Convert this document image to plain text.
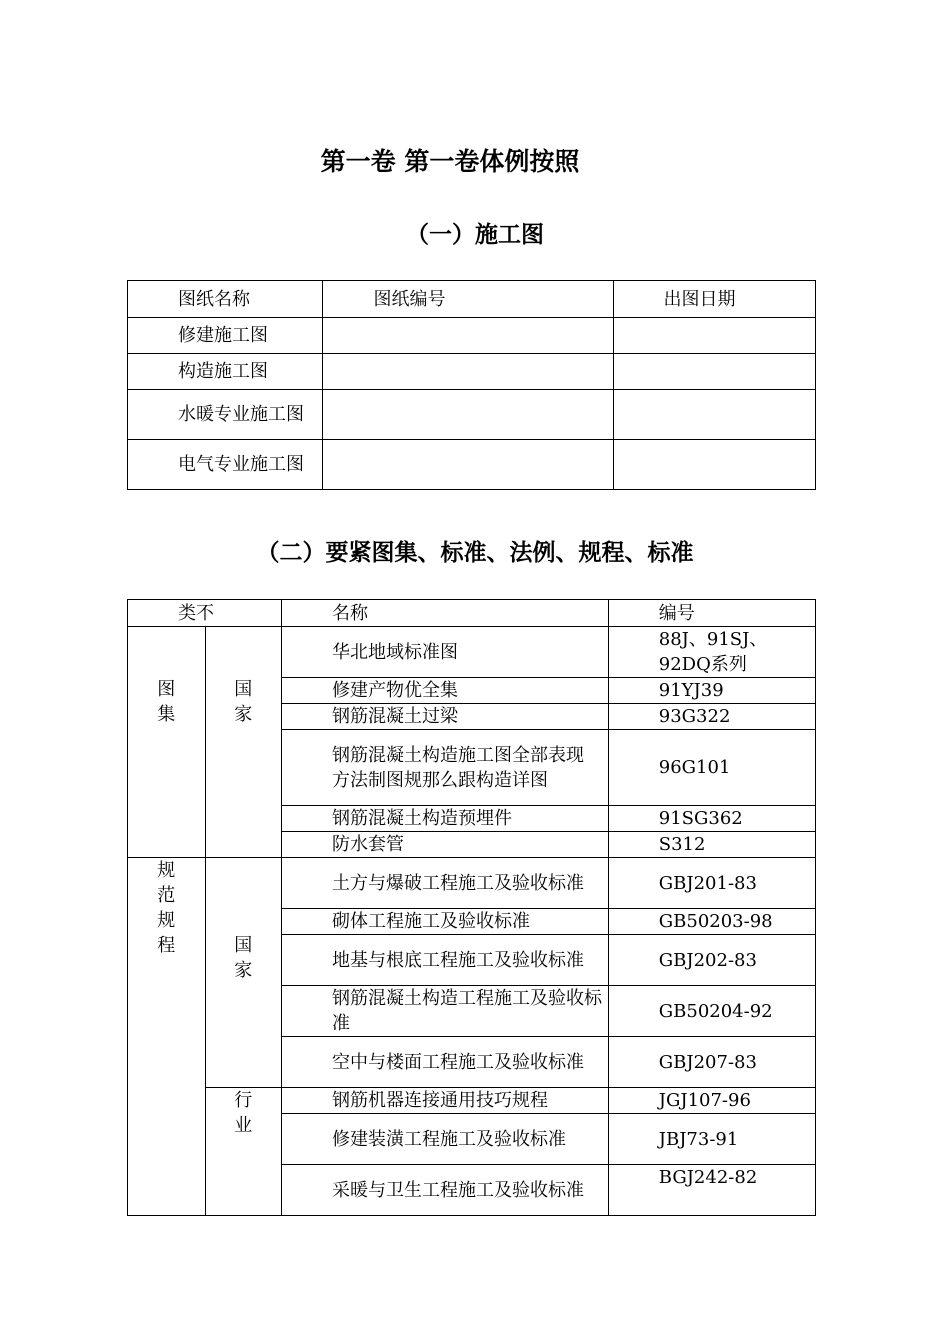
第一卷 第一卷体例按照
（一）施工图
图纸名称	图纸编号	出图日期
修建施工图		
构造施工图		
水暖专业施工图		
电气专业施工图		
（二）要紧图集、标准、法例、规程、标准
类不		名称	编号
图集	国家	华北地域标准图	88J、91SJ、92DQ系列
		修建产物优全集	91YJ39
		钢筋混凝土过梁	93G322
		钢筋混凝土构造施工图全部表现方法制图规那么跟构造详图	96G101
		钢筋混凝土构造预埋件	91SG362
		防水套管	S312
规范规程	国家	土方与爆破工程施工及验收标准	GBJ201-83
		砌体工程施工及验收标准	GB50203-98
		地基与根底工程施工及验收标准	GBJ202-83
		钢筋混凝土构造工程施工及验收标准	GB50204-92
		空中与楼面工程施工及验收标准	GBJ207-83
	行业	钢筋机器连接通用技巧规程	JGJ107-96
		修建装潢工程施工及验收标准	JBJ73-91
		采暖与卫生工程施工及验收标准	BGJ242-82
